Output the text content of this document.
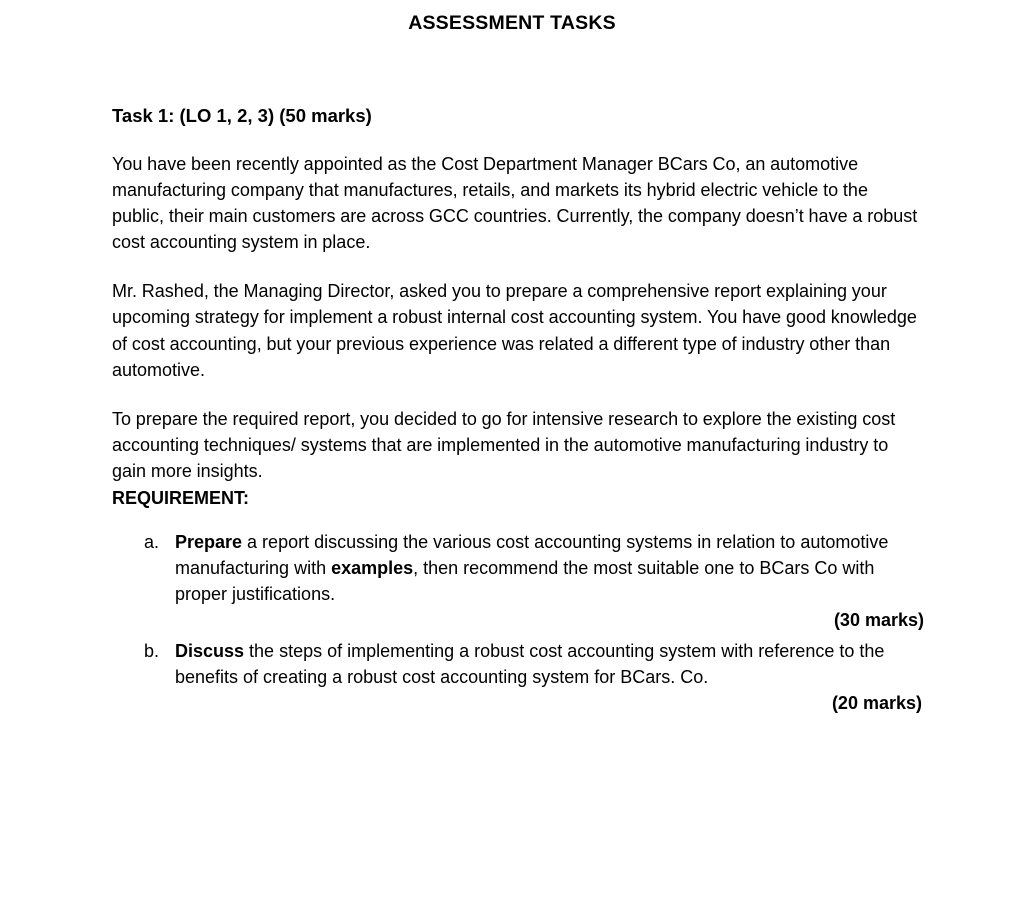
ASSESSMENT TASKS
Task 1: (LO 1, 2, 3) (50 marks)

You have been recently appointed as the Cost Department Manager BCars Co, an automotive manufacturing company that manufactures, retails, and markets its hybrid electric vehicle to the public, their main customers are across GCC countries. Currently, the company doesn’t have a robust cost accounting system in place.

Mr. Rashed, the Managing Director, asked you to prepare a comprehensive report explaining your upcoming strategy for implement a robust internal cost accounting system. You have good knowledge of cost accounting, but your previous experience was related a different type of industry other than automotive.

To prepare the required report, you decided to go for intensive research to explore the existing cost accounting techniques/ systems that are implemented in the automotive manufacturing industry to gain more insights.

REQUIREMENT:
a. Prepare a report discussing the various cost accounting systems in relation to automotive manufacturing with examples, then recommend the most suitable one to BCars Co with proper justifications.
(30 marks)
b. Discuss the steps of implementing a robust cost accounting system with reference to the benefits of creating a robust cost accounting system for BCars. Co.
(20 marks)
